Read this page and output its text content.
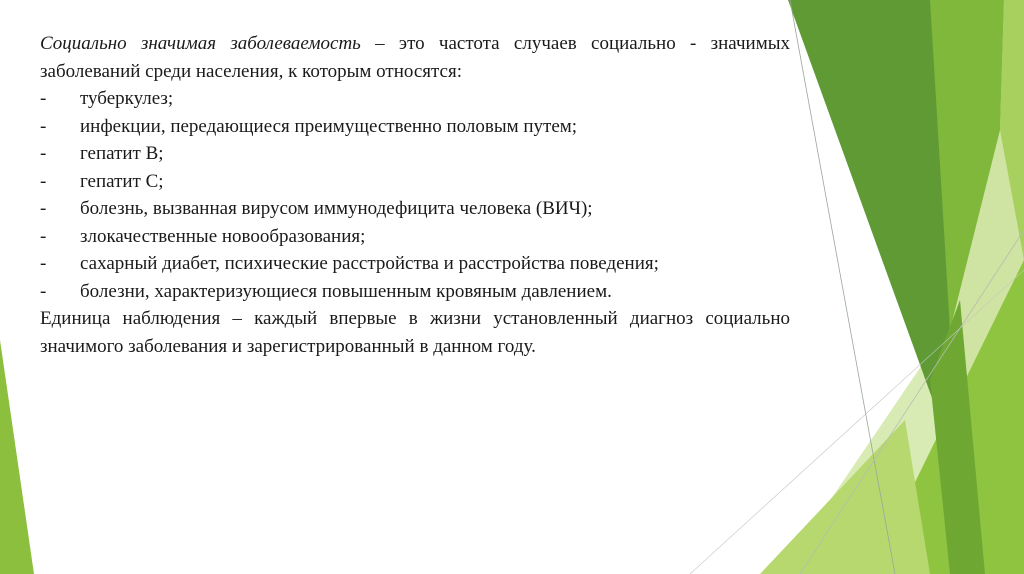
Социально значимая заболеваемость – это частота случаев социально - значимых заболеваний среди населения, к которым относятся:

- туберкулез;
- инфекции, передающиеся преимущественно половым путем;
- гепатит B;
- гепатит C;
- болезнь, вызванная вирусом иммунодефицита человека (ВИЧ);
- злокачественные новообразования;
- сахарный диабет, психические расстройства и расстройства поведения;
- болезни, характеризующиеся повышенным кровяным давлением.

Единица наблюдения – каждый впервые в жизни установленный диагноз социально значимого заболевания и зарегистрированный в данном году.
